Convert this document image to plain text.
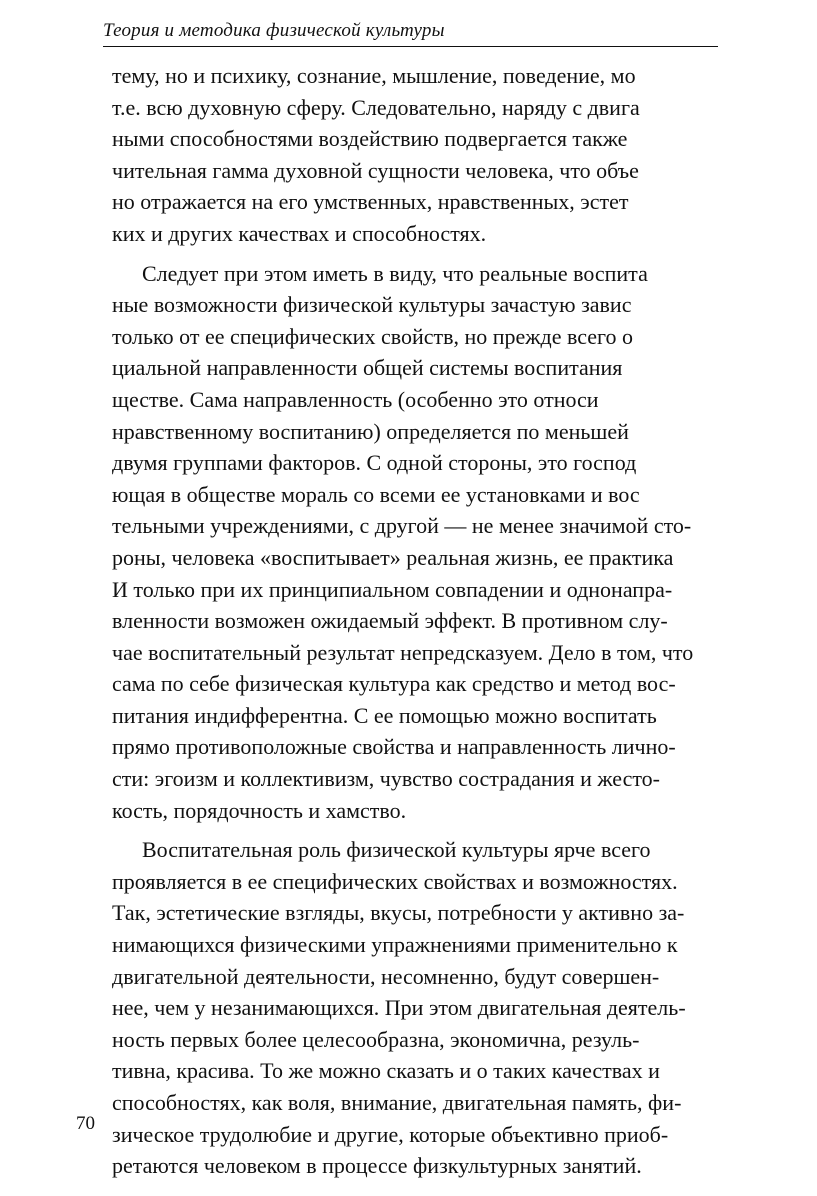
Теория и методика физической культуры
тему, но и психику, сознание, мышление, поведение, мо
т.е. всю духовную сферу. Следовательно, наряду с двига
ными способностями воздействию подвергается также
чительная гамма духовной сущности человека, что объе
но отражается на его умственных, нравственных, эстет
ких и других качествах и способностях.
Следует при этом иметь в виду, что реальные воспита
ные возможности физической культуры зачастую завис
только от ее специфических свойств, но прежде всего о
циальной направленности общей системы воспитания
ществе. Сама направленность (особенно это относи
нравственному воспитанию) определяется по меньшей
двумя группами факторов. С одной стороны, это господ
ющая в обществе мораль со всеми ее установками и вос
тельными учреждениями, с другой — не менее значимой сто-
роны, человека «воспитывает» реальная жизнь, ее практика
И только при их принципиальном совпадении и однонапра-
вленности возможен ожидаемый эффект. В противном слу-
чае воспитательный результат непредсказуем. Дело в том, что
сама по себе физическая культура как средство и метод вос-
питания индифферентна. С ее помощью можно воспитать
прямо противоположные свойства и направленность лично-
сти: эгоизм и коллективизм, чувство сострадания и жесто-
кость, порядочность и хамство.
Воспитательная роль физической культуры ярче всего
проявляется в ее специфических свойствах и возможностях.
Так, эстетические взгляды, вкусы, потребности у активно за-
нимающихся физическими упражнениями применительно к
двигательной деятельности, несомненно, будут совершен-
нее, чем у незанимающихся. При этом двигательная деятель-
ность первых более целесообразна, экономична, резуль-
тивна, красива. То же можно сказать и о таких качествах и
способностях, как воля, внимание, двигательная память, фи-
зическое трудолюбие и другие, которые объективно приоб-
ретаются человеком в процессе физкультурных занятий.
70
